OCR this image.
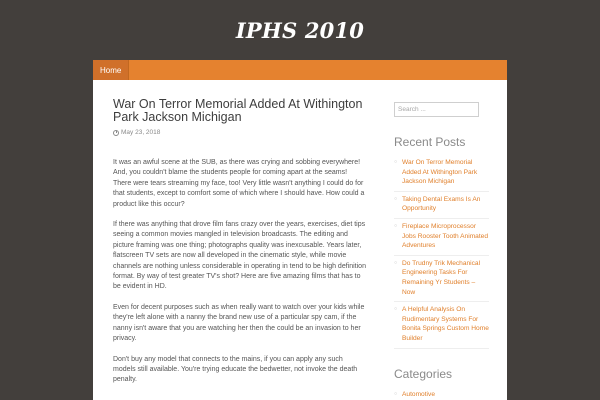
IPHS 2010
Home
War On Terror Memorial Added At Withington Park Jackson Michigan
May 23, 2018

It was an awful scene at the SUB, as there was crying and sobbing everywhere! And, you couldn't blame the students people for coming apart at the seams! There were tears streaming my face, too! Very little wasn't anything I could do for that students, except to comfort some of which where I should have. How could a product like this occur?

If there was anything that drove film fans crazy over the years, exercises, diet tips seeing a common movies mangled in television broadcasts. The editing and picture framing was one thing; photographs quality was inexcusable. Years later, flatscreen TV sets are now all developed in the cinematic style, while movie channels are nothing unless considerable in operating in tend to be high definition format. By way of test greater TV's shot? Here are five amazing films that has to be evident in HD.

Even for decent purposes such as when really want to watch over your kids while they're left alone with a nanny the brand new use of a particular spy cam, if the nanny isn't aware that you are watching her then the could be an invasion to her privacy.

Don't buy any model that connects to the mains, if you can apply any such models still available. You're trying educate the bedwetter, not invoke the death penalty.

Search ...
Recent Posts
○ War On Terror Memorial Added At Withington Park Jackson Michigan
○ Taking Dental Exams Is An Opportunity
○ Fireplace Microprocessor Jobs Rooster Tooth Animated Adventures
○ Do Trudny Trik Mechanical Engineering Tasks For Remaining Yr Students – Now
○ A Helpful Analysis On Rudimentary Systems For Bonita Springs Custom Home Builder
Categories
○ Automotive
